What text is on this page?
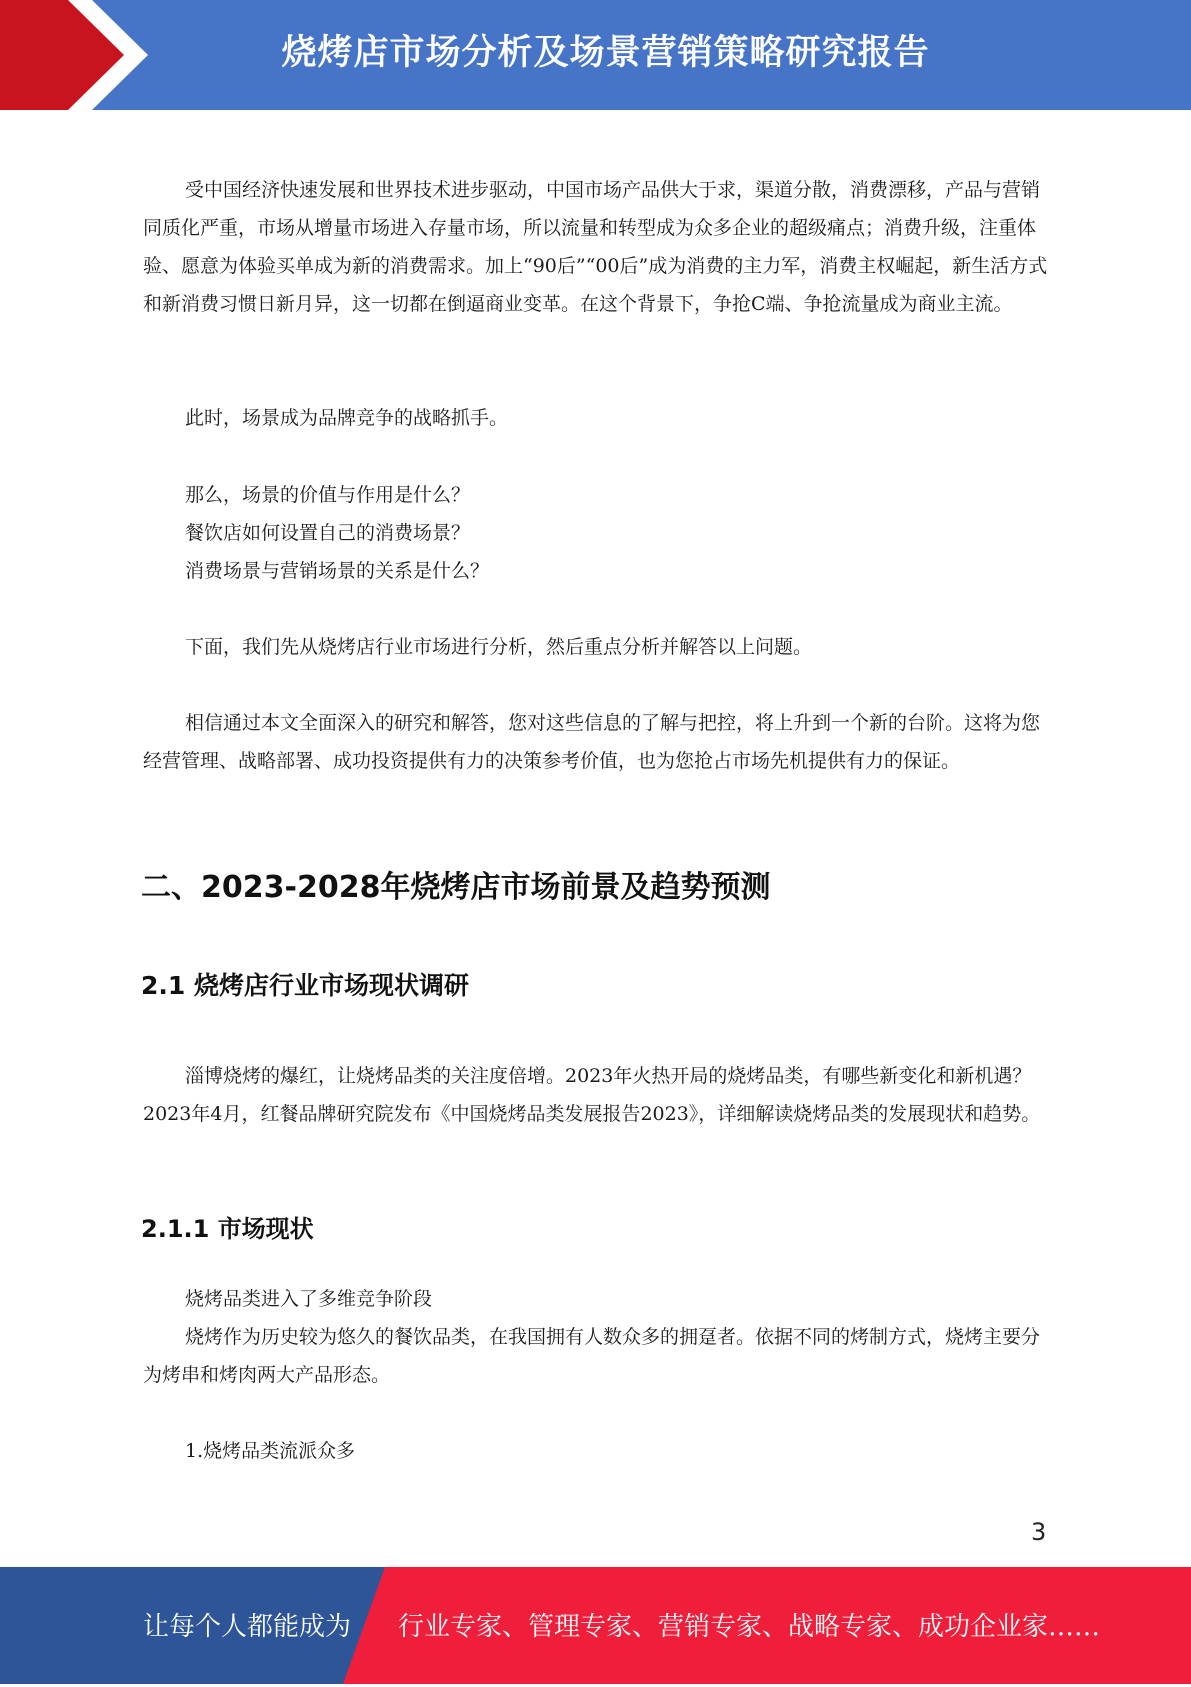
烧烤店市场分析及场景营销策略研究报告

受中国经济快速发展和世界技术进步驱动，中国市场产品供大于求，渠道分散，消费漂移，产品与营销同质化严重，市场从增量市场进入存量市场，所以流量和转型成为众多企业的超级痛点；消费升级，注重体验、愿意为体验买单成为新的消费需求。加上“90后”“00后”成为消费的主力军，消费主权崛起，新生活方式和新消费习惯日新月异，这一切都在倒逼商业变革。在这个背景下，争抢C端、争抢流量成为商业主流。

此时，场景成为品牌竞争的战略抓手。
那么，场景的价值与作用是什么？
餐饮店如何设置自己的消费场景？
消费场景与营销场景的关系是什么？
下面，我们先从烧烤店行业市场进行分析，然后重点分析并解答以上问题。

相信通过本文全面深入的研究和解答，您对这些信息的了解与把控，将上升到一个新的台阶。这将为您经营管理、战略部署、成功投资提供有力的决策参考价值，也为您抢占市场先机提供有力的保证。

二、2023-2028年烧烤店市场前景及趋势预测
2.1 烧烤店行业市场现状调研

淄博烧烤的爆红，让烧烤品类的关注度倍增。2023年火热开局的烧烤品类，有哪些新变化和新机遇？2023年4月，红餐品牌研究院发布《中国烧烤品类发展报告2023》，详细解读烧烤品类的发展现状和趋势。

2.1.1 市场现状
烧烤品类进入了多维竞争阶段

烧烤作为历史较为悠久的餐饮品类，在我国拥有人数众多的拥趸者。依据不同的烤制方式，烧烤主要分为烤串和烤肉两大产品形态。

1.烧烤品类流派众多
3
让每个人都能成为 行业专家、管理专家、营销专家、战略专家、成功企业家……
